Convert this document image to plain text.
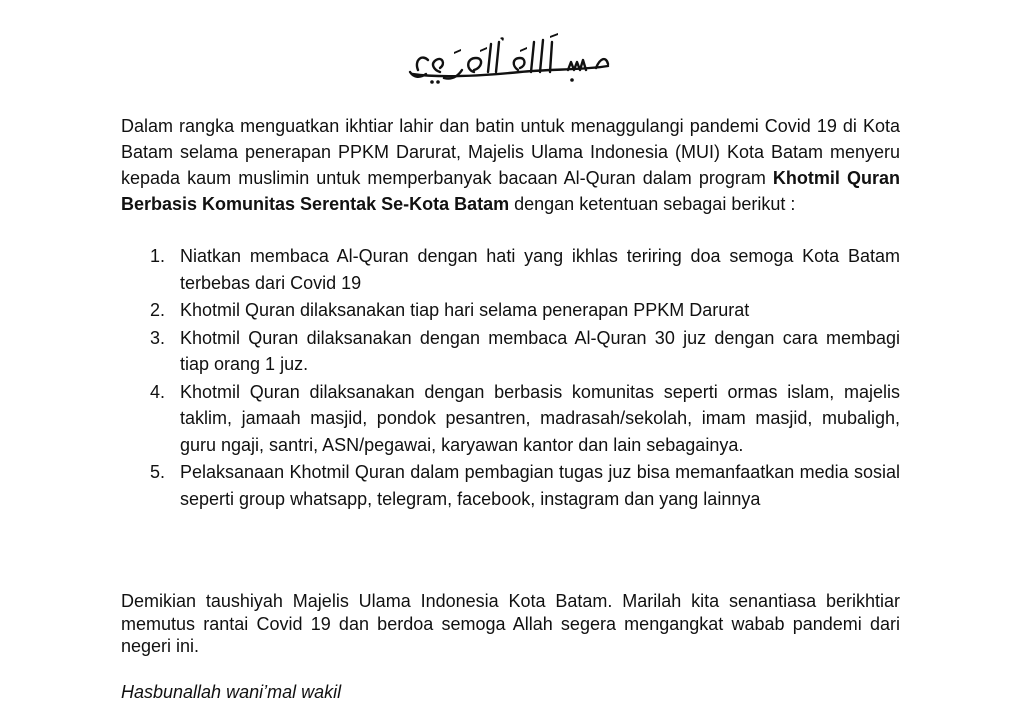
Dalam rangka menguatkan ikhtiar lahir dan batin untuk menaggulangi pandemi Covid 19 di Kota Batam selama penerapan PPKM Darurat, Majelis Ulama Indonesia (MUI) Kota Batam menyeru kepada kaum muslimin untuk memperbanyak bacaan Al-Quran dalam program Khotmil Quran Berbasis Komunitas Serentak Se-Kota Batam dengan ketentuan sebagai berikut :

1. Niatkan membaca Al-Quran dengan hati yang ikhlas teriring doa semoga Kota Batam terbebas dari Covid 19
2. Khotmil Quran dilaksanakan tiap hari selama penerapan PPKM Darurat
3. Khotmil Quran dilaksanakan dengan membaca Al-Quran 30 juz dengan cara membagi tiap orang 1 juz.
4. Khotmil Quran dilaksanakan dengan berbasis komunitas seperti ormas islam, majelis taklim, jamaah masjid, pondok pesantren, madrasah/sekolah, imam masjid, mubaligh, guru ngaji, santri, ASN/pegawai, karyawan kantor dan lain sebagainya.
5. Pelaksanaan Khotmil Quran dalam pembagian tugas juz bisa memanfaatkan media sosial seperti group whatsapp, telegram, facebook, instagram dan yang lainnya

Demikian taushiyah Majelis Ulama Indonesia Kota Batam. Marilah kita senantiasa berikhtiar memutus rantai Covid 19 dan berdoa semoga Allah segera mengangkat wabab pandemi dari negeri ini.

Hasbunallah wani’mal wakil
